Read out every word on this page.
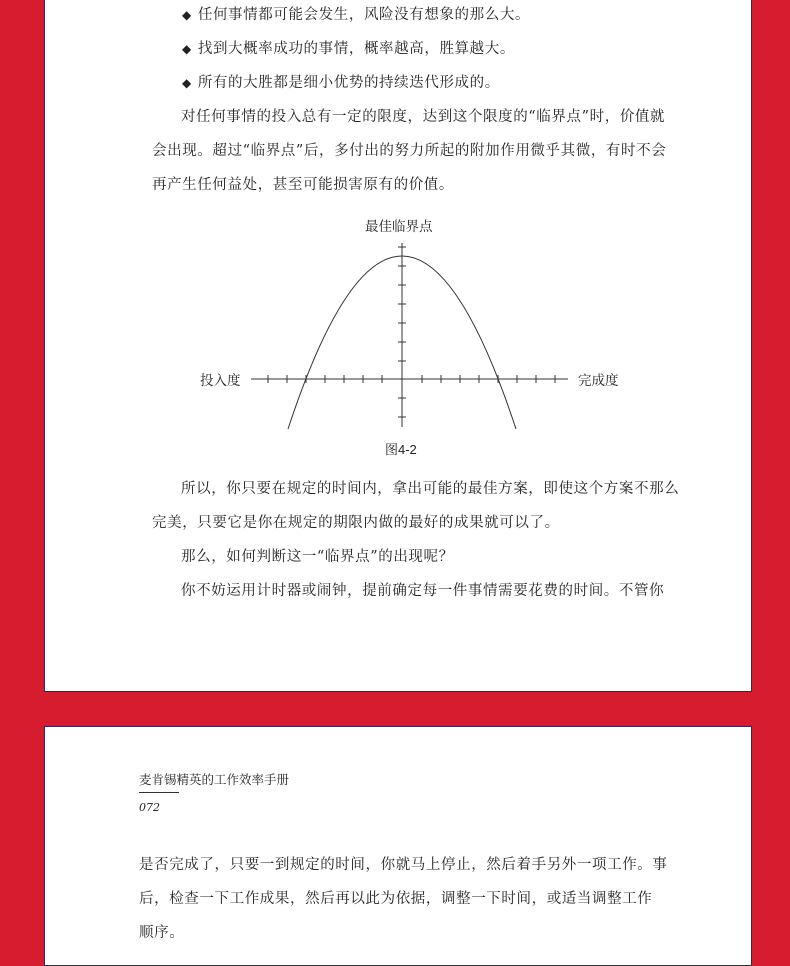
◆ 任何事情都可能会发生，风险没有想象的那么大。
◆ 找到大概率成功的事情，概率越高，胜算越大。
◆ 所有的大胜都是细小优势的持续迭代形成的。
对任何事情的投入总有一定的限度，达到这个限度的“临界点”时，价值就
会出现。超过“临界点”后，多付出的努力所起的附加作用微乎其微，有时不会
再产生任何益处，甚至可能损害原有的价值。
最佳临界点
投入度	完成度
图4-2
所以，你只要在规定的时间内，拿出可能的最佳方案，即使这个方案不那么
完美，只要它是你在规定的期限内做的最好的成果就可以了。
那么，如何判断这一“临界点”的出现呢？
你不妨运用计时器或闹钟，提前确定每一件事情需要花费的时间。不管你
麦肯锡精英的工作效率手册
072
是否完成了，只要一到规定的时间，你就马上停止，然后着手另外一项工作。事
后，检查一下工作成果，然后再以此为依据，调整一下时间，或适当调整工作
顺序。
